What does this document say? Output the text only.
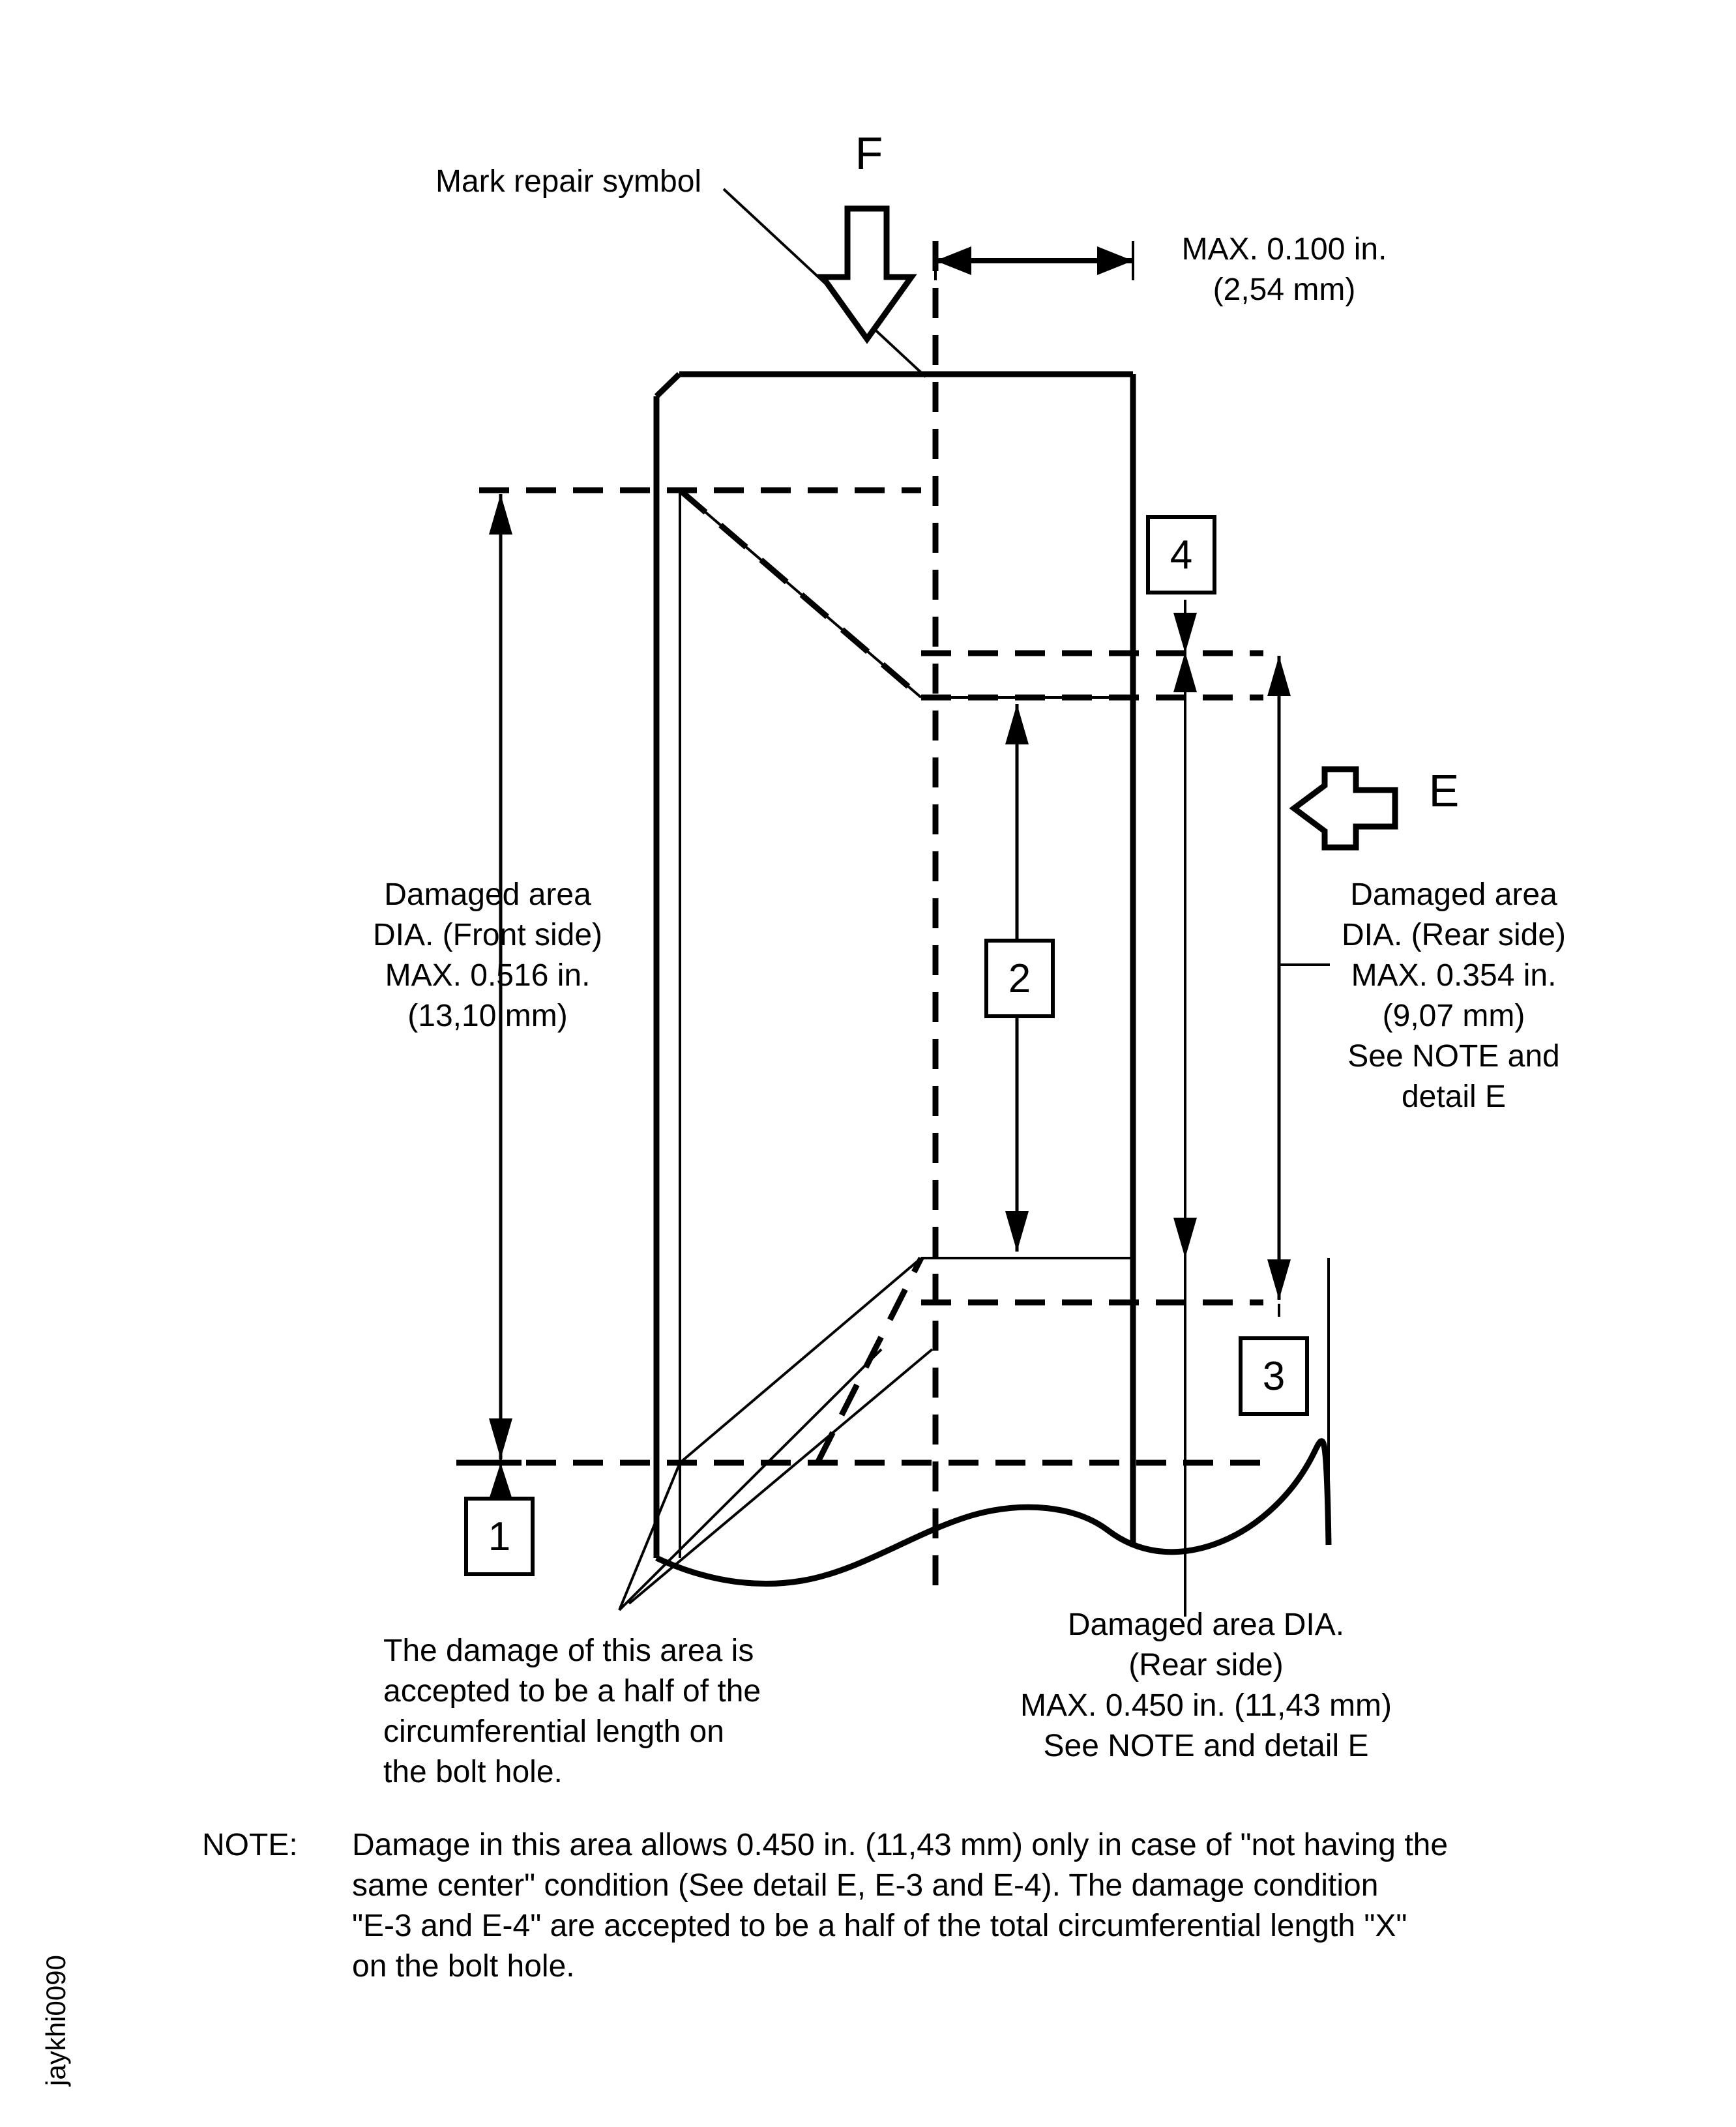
Mark repair symbol
F
E
MAX. 0.100 in.
(2,54 mm)
Damaged area
DIA. (Front side)
MAX. 0.516 in.
(13,10 mm)
Damaged area
DIA. (Rear side)
MAX. 0.354 in.
(9,07 mm)
See NOTE and
detail E
Damaged area DIA.
(Rear side)
MAX. 0.450 in. (11,43 mm)
See NOTE and detail E
The damage of this area is
accepted to be a half of the
circumferential length on
the bolt hole.
NOTE: Damage in this area allows 0.450 in. (11,43 mm) only in case of "not having the
same center" condition (See detail E, E-3 and E-4). The damage condition
"E-3 and E-4" are accepted to be a half of the total circumferential length "X"
on the bolt hole.
4
2
3
1
jaykhi0090
